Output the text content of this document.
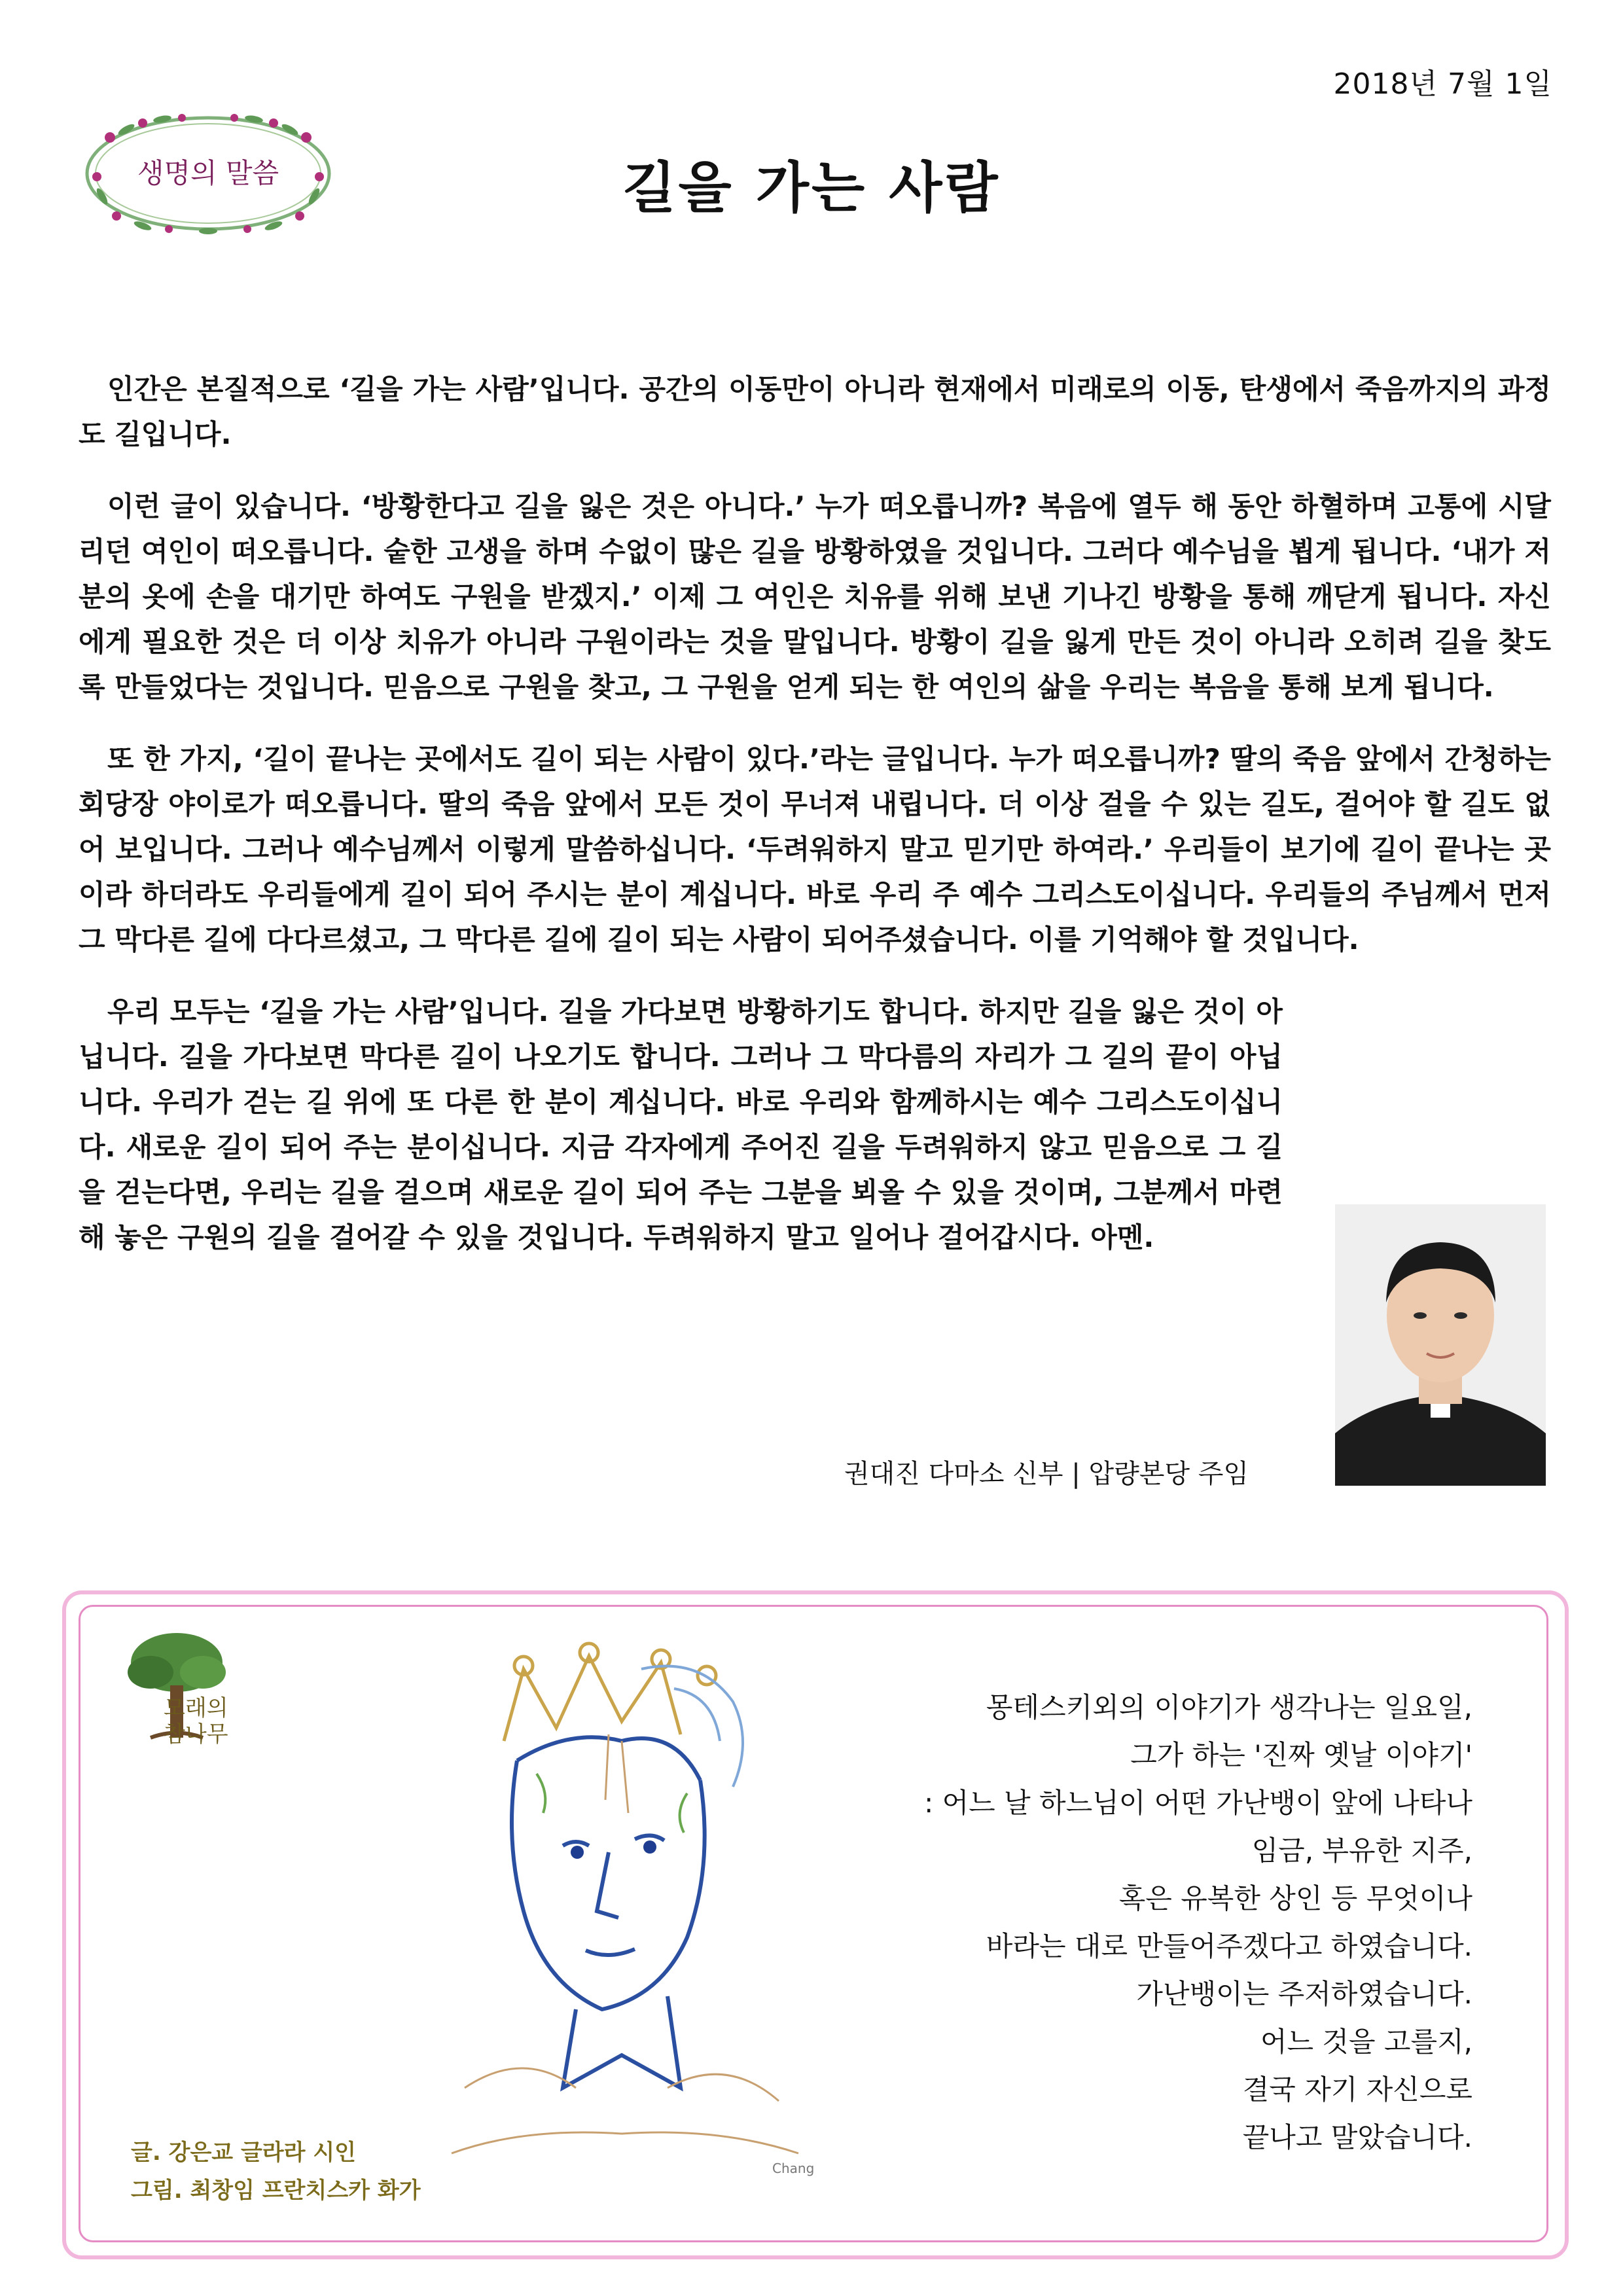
2018년 7월 1일
생명의 말씀	길을 가는 사람

인간은 본질적으로 ‘길을 가는 사람’입니다. 공간의 이동만이 아니라 현재에서 미래로의 이동, 탄생에서 죽음까지의 과정도 길입니다.

이런 글이 있습니다. ‘방황한다고 길을 잃은 것은 아니다.’ 누가 떠오릅니까? 복음에 열두 해 동안 하혈하며 고통에 시달리던 여인이 떠오릅니다. 숱한 고생을 하며 수없이 많은 길을 방황하였을 것입니다. 그러다 예수님을 뵙게 됩니다. ‘내가 저분의 옷에 손을 대기만 하여도 구원을 받겠지.’ 이제 그 여인은 치유를 위해 보낸 기나긴 방황을 통해 깨닫게 됩니다. 자신에게 필요한 것은 더 이상 치유가 아니라 구원이라는 것을 말입니다. 방황이 길을 잃게 만든 것이 아니라 오히려 길을 찾도록 만들었다는 것입니다. 믿음으로 구원을 찾고, 그 구원을 얻게 되는 한 여인의 삶을 우리는 복음을 통해 보게 됩니다.

또 한 가지, ‘길이 끝나는 곳에서도 길이 되는 사람이 있다.’라는 글입니다. 누가 떠오릅니까? 딸의 죽음 앞에서 간청하는 회당장 야이로가 떠오릅니다. 딸의 죽음 앞에서 모든 것이 무너져 내립니다. 더 이상 걸을 수 있는 길도, 걸어야 할 길도 없어 보입니다. 그러나 예수님께서 이렇게 말씀하십니다. ‘두려워하지 말고 믿기만 하여라.’ 우리들이 보기에 길이 끝나는 곳이라 하더라도 우리들에게 길이 되어 주시는 분이 계십니다. 바로 우리 주 예수 그리스도이십니다. 우리들의 주님께서 먼저 그 막다른 길에 다다르셨고, 그 막다른 길에 길이 되는 사람이 되어주셨습니다. 이를 기억해야 할 것입니다.

우리 모두는 ‘길을 가는 사람’입니다. 길을 가다보면 방황하기도 합니다. 하지만 길을 잃은 것이 아닙니다. 길을 가다보면 막다른 길이 나오기도 합니다. 그러나 그 막다름의 자리가 그 길의 끝이 아닙니다. 우리가 걷는 길 위에 또 다른 한 분이 계십니다. 바로 우리와 함께하시는 예수 그리스도이십니다. 새로운 길이 되어 주는 분이십니다. 지금 각자에게 주어진 길을 두려워하지 않고 믿음으로 그 길을 걷는다면, 우리는 길을 걸으며 새로운 길이 되어 주는 그분을 뵈올 수 있을 것이며, 그분께서 마련해 놓은 구원의 길을 걸어갈 수 있을 것입니다. 두려워하지 말고 일어나 걸어갑시다. 아멘.

권대진 다마소 신부 | 압량본당 주임
모래의
참나무
Chang
글. 강은교 글라라 시인
그림. 최창임 프란치스카 화가
몽테스키외의 이야기가 생각나는 일요일,
그가 하는 '진짜 옛날 이야기'
: 어느 날 하느님이 어떤 가난뱅이 앞에 나타나
임금, 부유한 지주,
혹은 유복한 상인 등 무엇이나
바라는 대로 만들어주겠다고 하였습니다.
가난뱅이는 주저하였습니다.
어느 것을 고를지,
결국 자기 자신으로
끝나고 말았습니다.
